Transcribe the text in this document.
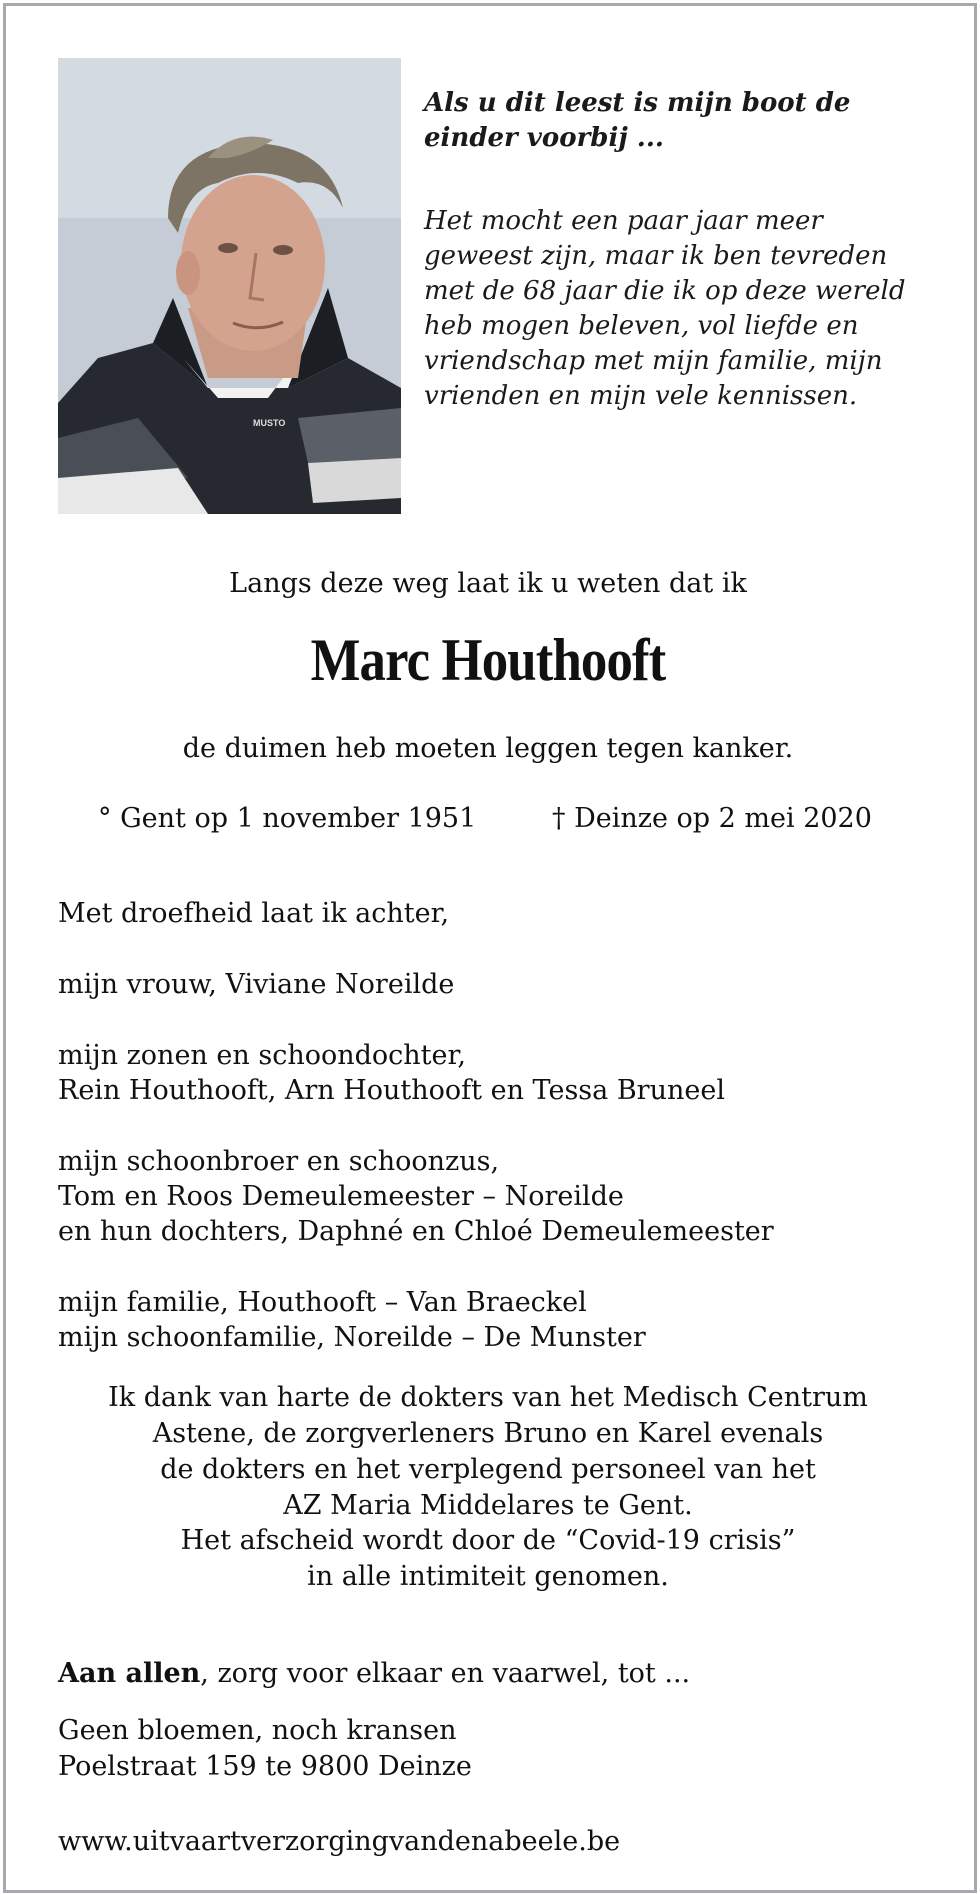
MUSTO

Als u dit leest is mijn boot de einder voorbij ...

Het mocht een paar jaar meer geweest zijn, maar ik ben tevreden met de 68 jaar die ik op deze wereld heb mogen beleven, vol liefde en vriendschap met mijn familie, mijn vrienden en mijn vele kennissen.

Langs deze weg laat ik u weten dat ik
Marc Houthooft
de duimen heb moeten leggen tegen kanker.
° Gent op 1 november 1951	† Deinze op 2 mei 2020

Met droefheid laat ik achter,

mijn vrouw, Viviane Noreilde

mijn zonen en schoondochter,
Rein Houthooft, Arn Houthooft en Tessa Bruneel

mijn schoonbroer en schoonzus,
Tom en Roos Demeulemeester – Noreilde
en hun dochters, Daphné en Chloé Demeulemeester

mijn familie, Houthooft – Van Braeckel
mijn schoonfamilie, Noreilde – De Munster

Ik dank van harte de dokters van het Medisch Centrum

Astene, de zorgverleners Bruno en Karel evenals

de dokters en het verplegend personeel van het

AZ Maria Middelares te Gent.

Het afscheid wordt door de “Covid-19 crisis”
in alle intimiteit genomen.
Aan allen, zorg voor elkaar en vaarwel, tot ...
Geen bloemen, noch kransen
Poelstraat 159 te 9800 Deinze
www.uitvaartverzorgingvandenabeele.be
